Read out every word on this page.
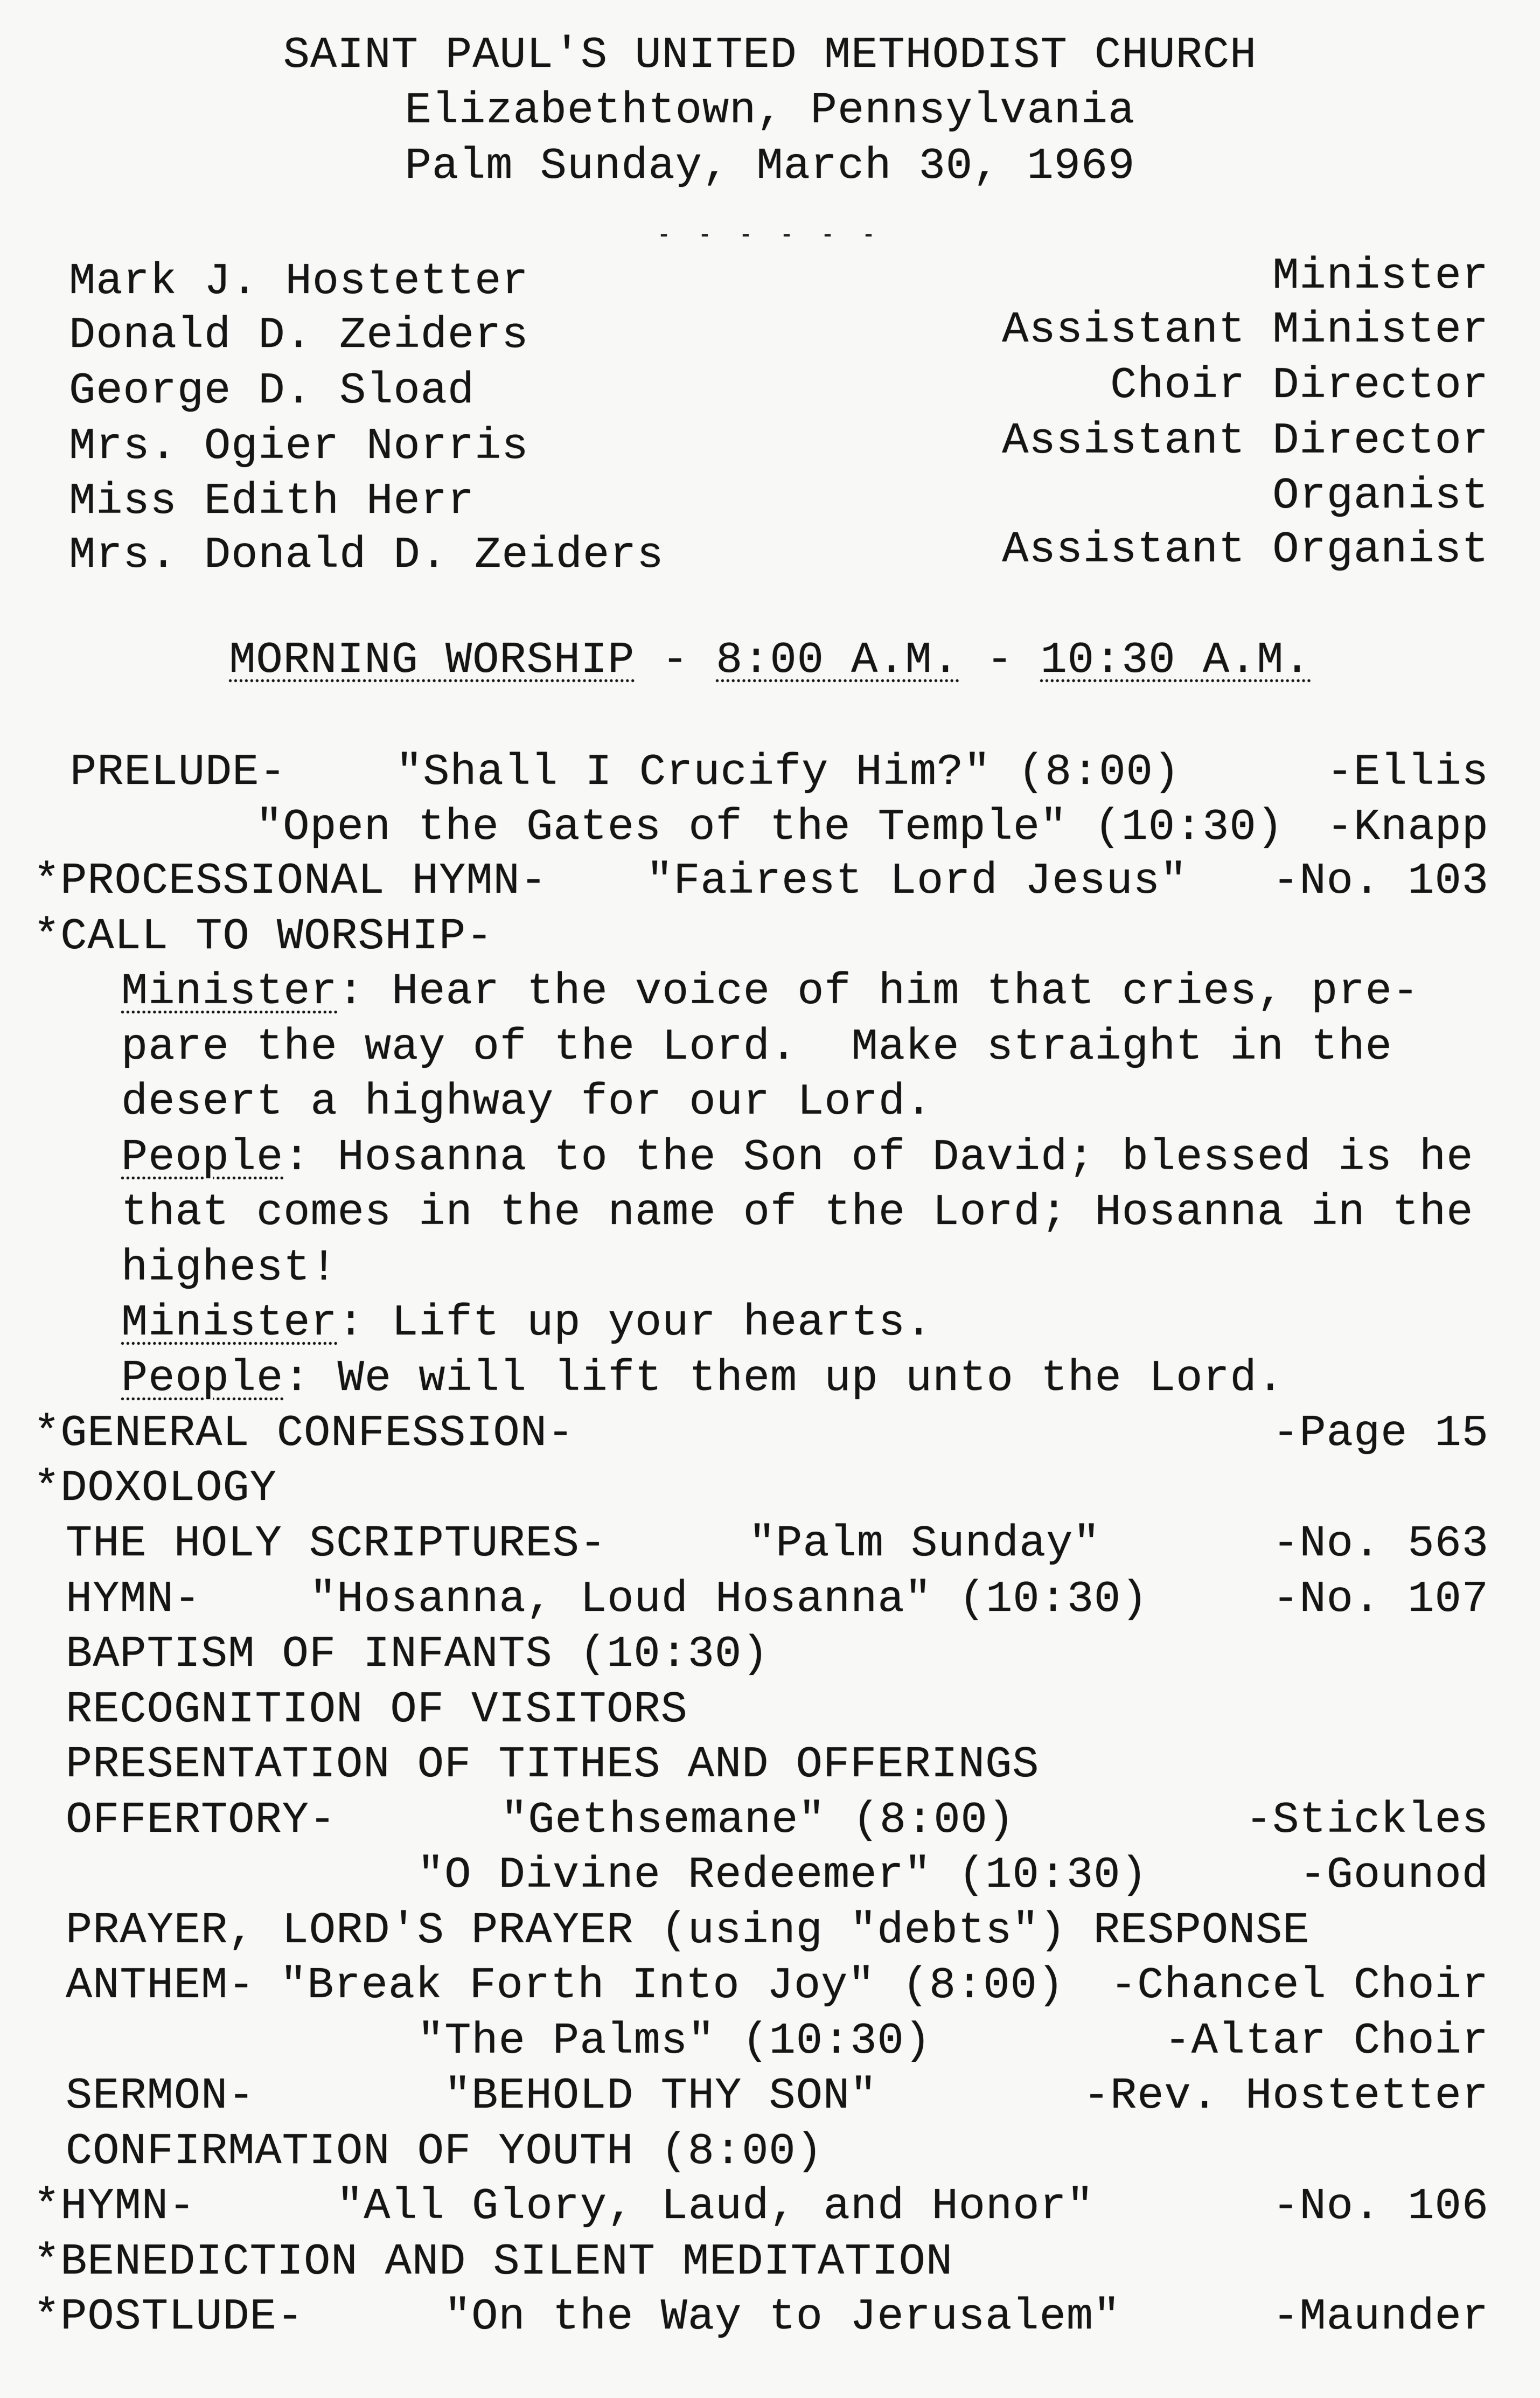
SAINT PAUL'S UNITED METHODIST CHURCH
Elizabethtown, Pennsylvania
Palm Sunday, March 30, 1969
- - - - - -
Mark J. Hostetter	Minister
Donald D. Zeiders	Assistant Minister
George D. Sload	Choir Director
Mrs. Ogier Norris	Assistant Director
Miss Edith Herr	Organist
Mrs. Donald D. Zeiders	Assistant Organist
MORNING WORSHIP - 8:00 A.M. - 10:30 A.M.
PRELUDE- "Shall I Crucify Him?" (8:00)	-Ellis
"Open the Gates of the Temple" (10:30) -Knapp
*PROCESSIONAL HYMN- "Fairest Lord Jesus" -No. 103
*CALL TO WORSHIP-
Minister: Hear the voice of him that cries, pre-
pare the way of the Lord.  Make straight in the
desert a highway for our Lord.
People: Hosanna to the Son of David; blessed is he
that comes in the name of the Lord; Hosanna in the
highest!
Minister: Lift up your hearts.
People: We will lift them up unto the Lord.
*GENERAL CONFESSION-	-Page 15
*DOXOLOGY
THE HOLY SCRIPTURES-	"Palm Sunday"	-No. 563
HYMN- "Hosanna, Loud Hosanna" (10:30)	-No. 107
BAPTISM OF INFANTS (10:30)
RECOGNITION OF VISITORS
PRESENTATION OF TITHES AND OFFERINGS
OFFERTORY-	"Gethsemane" (8:00)	-Stickles
"O Divine Redeemer" (10:30)	-Gounod
PRAYER, LORD'S PRAYER (using "debts") RESPONSE
ANTHEM- "Break Forth Into Joy" (8:00) -Chancel Choir
"The Palms" (10:30)	-Altar Choir
SERMON-	"BEHOLD THY SON"	-Rev. Hostetter
CONFIRMATION OF YOUTH (8:00)
*HYMN-	"All Glory, Laud, and Honor"	-No. 106
*BENEDICTION AND SILENT MEDITATION
*POSTLUDE-	"On the Way to Jerusalem"	-Maunder
